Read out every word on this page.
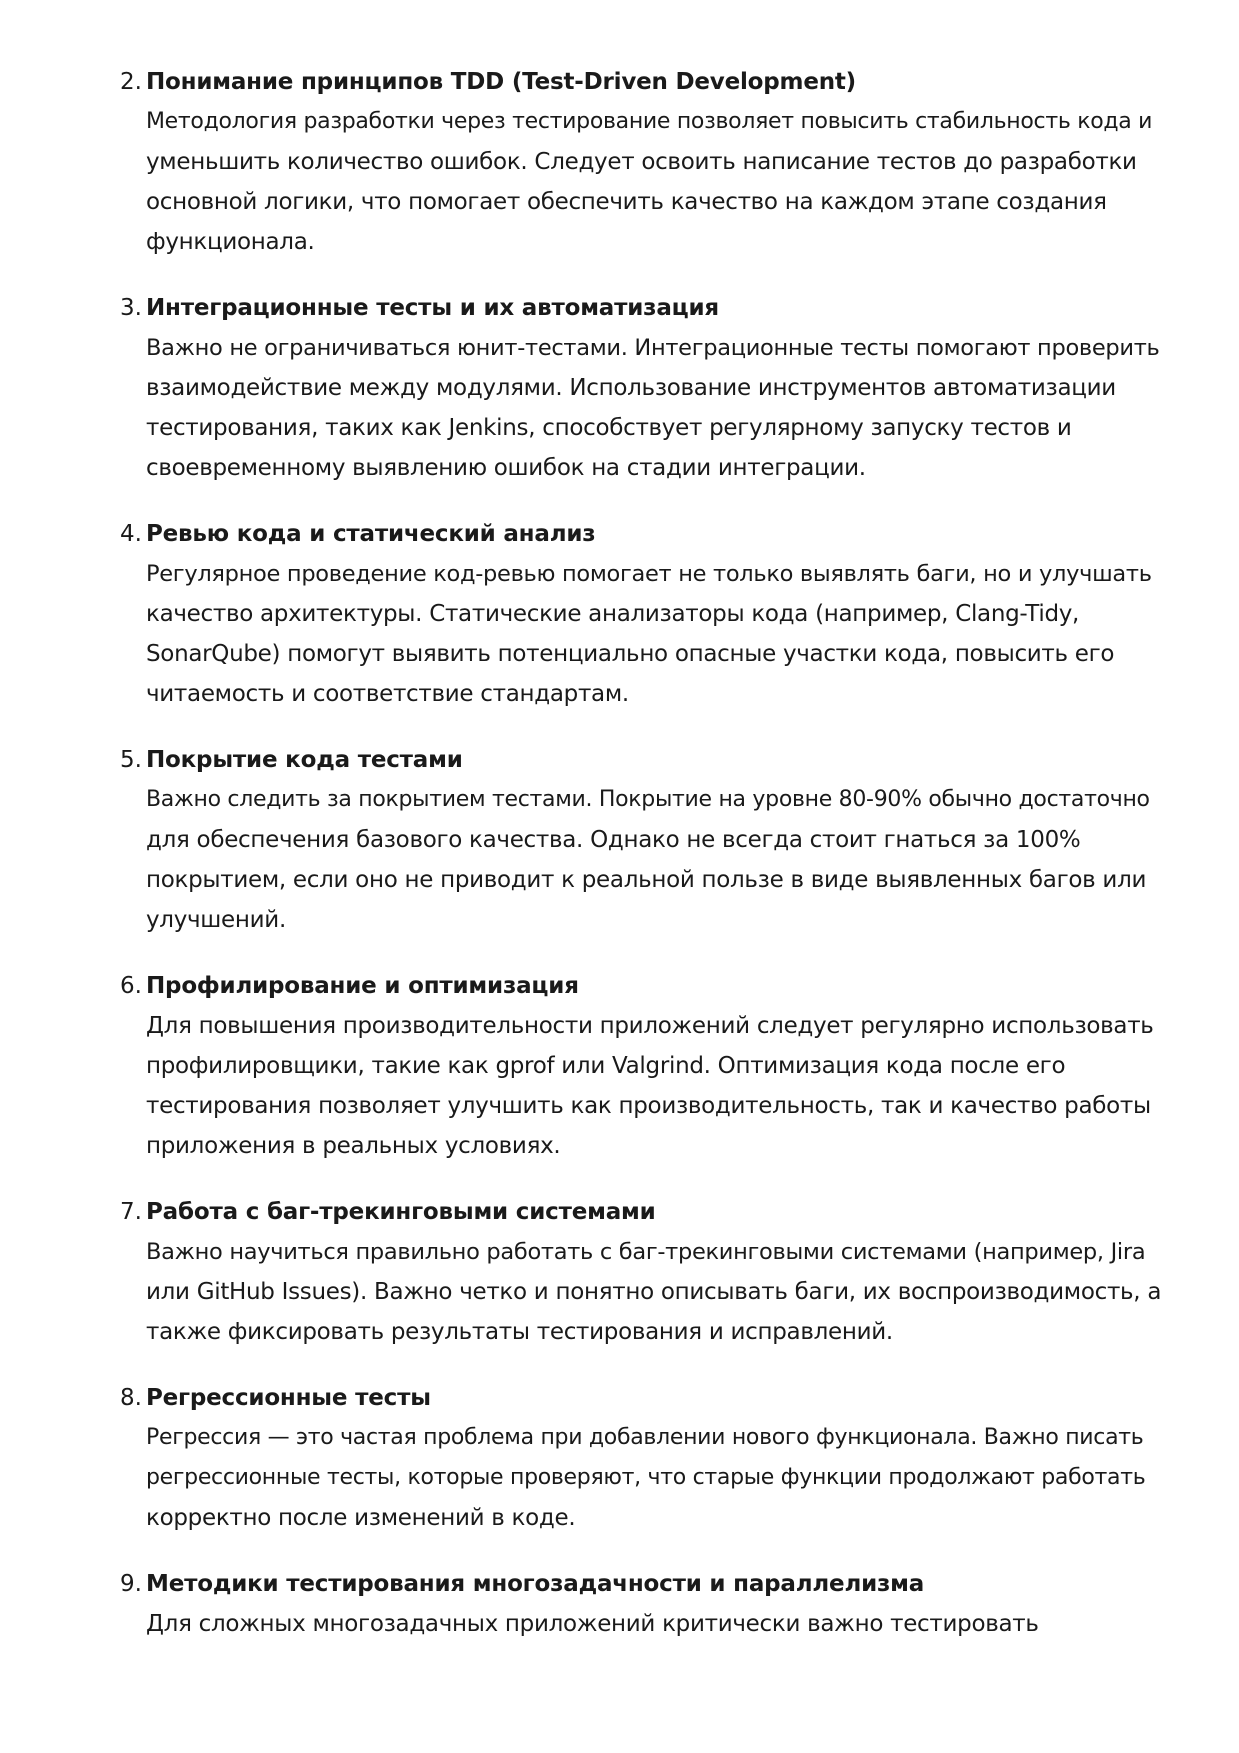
2. Понимание принципов TDD (Test-Driven Development)
Методология разработки через тестирование позволяет повысить стабильность кода и
уменьшить количество ошибок. Следует освоить написание тестов до разработки
основной логики, что помогает обеспечить качество на каждом этапе создания
функционала.
3. Интеграционные тесты и их автоматизация
Важно не ограничиваться юнит-тестами. Интеграционные тесты помогают проверить
взаимодействие между модулями. Использование инструментов автоматизации
тестирования, таких как Jenkins, способствует регулярному запуску тестов и
своевременному выявлению ошибок на стадии интеграции.
4. Ревью кода и статический анализ
Регулярное проведение код-ревью помогает не только выявлять баги, но и улучшать
качество архитектуры. Статические анализаторы кода (например, Clang-Tidy,
SonarQube) помогут выявить потенциально опасные участки кода, повысить его
читаемость и соответствие стандартам.
5. Покрытие кода тестами
Важно следить за покрытием тестами. Покрытие на уровне 80-90% обычно достаточно
для обеспечения базового качества. Однако не всегда стоит гнаться за 100%
покрытием, если оно не приводит к реальной пользе в виде выявленных багов или
улучшений.
6. Профилирование и оптимизация
Для повышения производительности приложений следует регулярно использовать
профилировщики, такие как gprof или Valgrind. Оптимизация кода после его
тестирования позволяет улучшить как производительность, так и качество работы
приложения в реальных условиях.
7. Работа с баг-трекинговыми системами
Важно научиться правильно работать с баг-трекинговыми системами (например, Jira
или GitHub Issues). Важно четко и понятно описывать баги, их воспроизводимость, а
также фиксировать результаты тестирования и исправлений.
8. Регрессионные тесты
Регрессия — это частая проблема при добавлении нового функционала. Важно писать
регрессионные тесты, которые проверяют, что старые функции продолжают работать
корректно после изменений в коде.
9. Методики тестирования многозадачности и параллелизма
Для сложных многозадачных приложений критически важно тестировать
